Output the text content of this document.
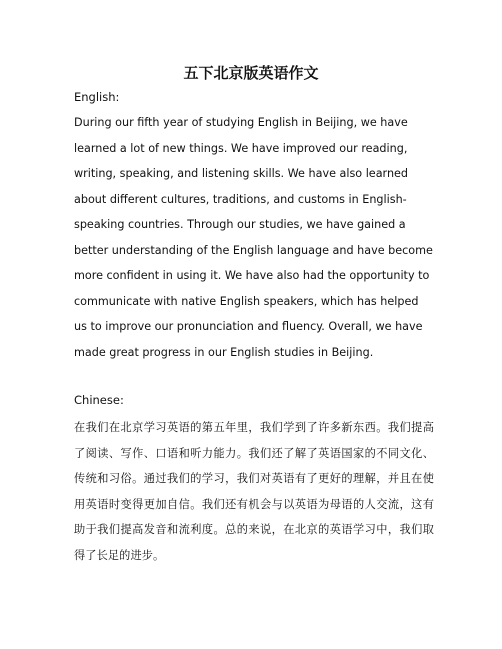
五下北京版英语作文

English:

During our fifth year of studying English in Beijing, we have learned a lot of new things. We have improved our reading, writing, speaking, and listening skills. We have also learned about different cultures, traditions, and customs in English-speaking countries. Through our studies, we have gained a better understanding of the English language and have become more confident in using it. We have also had the opportunity to communicate with native English speakers, which has helped us to improve our pronunciation and fluency. Overall, we have made great progress in our English studies in Beijing.

Chinese:

在我们在北京学习英语的第五年里，我们学到了许多新东西。我们提高了阅读、写作、口语和听力能力。我们还了解了英语国家的不同文化、传统和习俗。通过我们的学习，我们对英语有了更好的理解，并且在使用英语时变得更加自信。我们还有机会与以英语为母语的人交流，这有助于我们提高发音和流利度。总的来说，在北京的英语学习中，我们取得了长足的进步。
